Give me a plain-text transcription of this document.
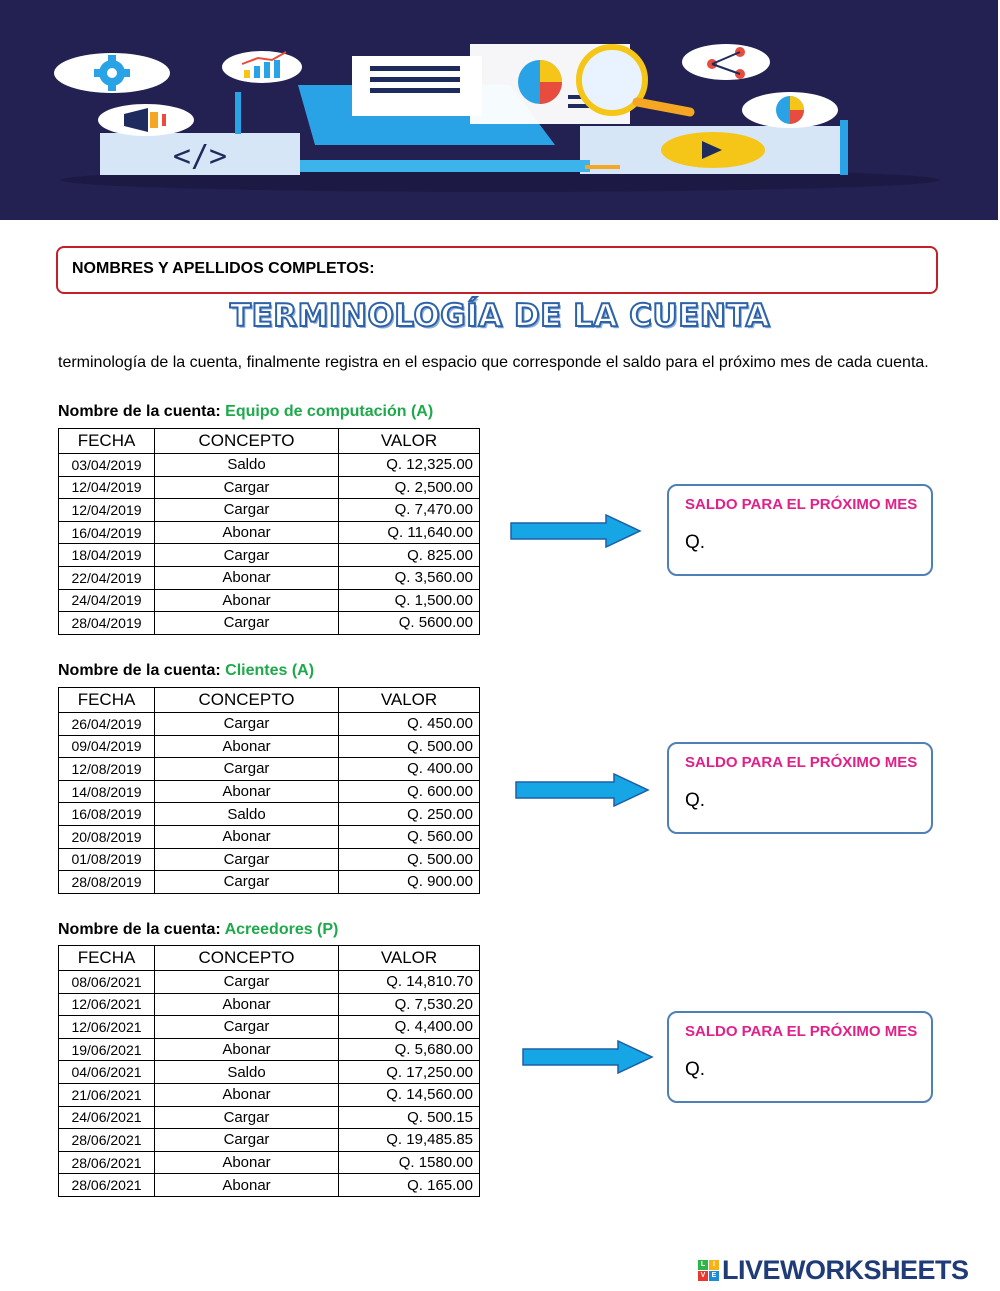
</>
NOMBRES Y APELLIDOS COMPLETOS:
TERMINOLOGÍA DE LA CUENTA
terminología de la cuenta, finalmente registra en el espacio que corresponde el saldo para el próximo mes de cada cuenta.
Nombre de la cuenta: Equipo de computación (A)
FECHA	CONCEPTO	VALOR
03/04/2019	Saldo	Q. 12,325.00
12/04/2019	Cargar	Q. 2,500.00
12/04/2019	Cargar	Q. 7,470.00
16/04/2019	Abonar	Q. 11,640.00
18/04/2019	Cargar	Q. 825.00
22/04/2019	Abonar	Q. 3,560.00
24/04/2019	Abonar	Q. 1,500.00
28/04/2019	Cargar	Q. 5600.00
SALDO PARA EL PRÓXIMO MES
Q.
Nombre de la cuenta: Clientes (A)
FECHA	CONCEPTO	VALOR
26/04/2019	Cargar	Q. 450.00
09/04/2019	Abonar	Q. 500.00
12/08/2019	Cargar	Q. 400.00
14/08/2019	Abonar	Q. 600.00
16/08/2019	Saldo	Q. 250.00
20/08/2019	Abonar	Q. 560.00
01/08/2019	Cargar	Q. 500.00
28/08/2019	Cargar	Q. 900.00
SALDO PARA EL PRÓXIMO MES
Q.
Nombre de la cuenta: Acreedores (P)
FECHA	CONCEPTO	VALOR
08/06/2021	Cargar	Q. 14,810.70
12/06/2021	Abonar	Q. 7,530.20
12/06/2021	Cargar	Q. 4,400.00
19/06/2021	Abonar	Q. 5,680.00
04/06/2021	Saldo	Q. 17,250.00
21/06/2021	Abonar	Q. 14,560.00
24/06/2021	Cargar	Q. 500.15
28/06/2021	Cargar	Q. 19,485.85
28/06/2021	Abonar	Q. 1580.00
28/06/2021	Abonar	Q. 165.00
SALDO PARA EL PRÓXIMO MES
Q.
L	I
V E LIVEWORKSHEETS
